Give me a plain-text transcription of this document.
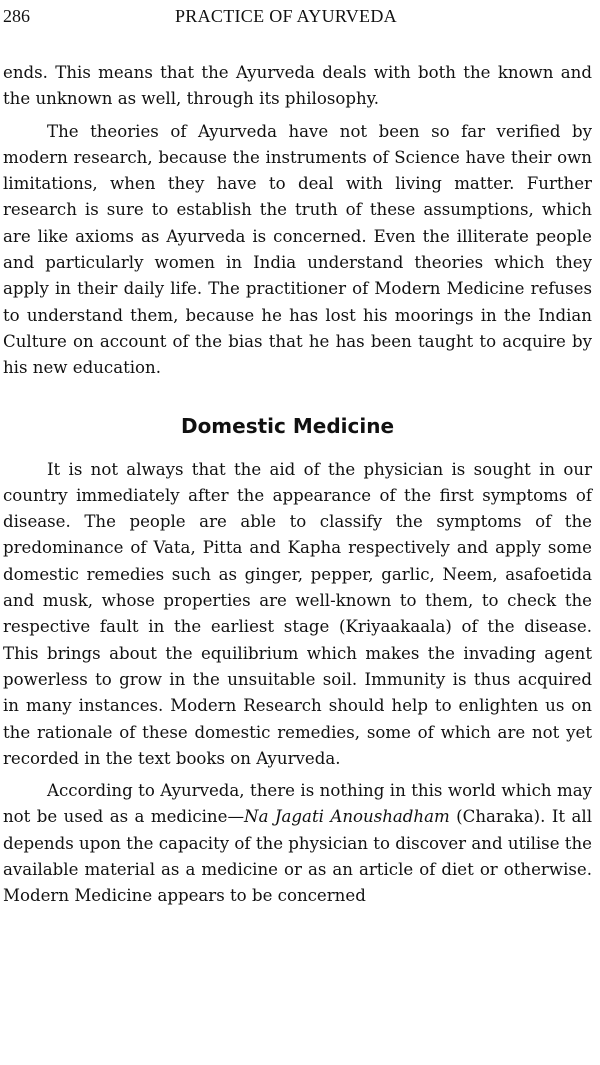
286	PRACTICE OF AYURVEDA

ends. This means that the Ayurveda deals with both the known and the unknown as well, through its philosophy.

The theories of Ayurveda have not been so far verified by modern research, because the instruments of Science have their own limitations, when they have to deal with living matter. Further research is sure to establish the truth of these assumptions, which are like axioms as Ayurveda is concerned. Even the illiterate people and particularly women in India understand theories which they apply in their daily life. The practitioner of Modern Medicine refuses to understand them, because he has lost his moorings in the Indian Culture on account of the bias that he has been taught to acquire by his new education.

Domestic Medicine

It is not always that the aid of the physician is sought in our country immediately after the appearance of the first symptoms of disease. The people are able to classify the symptoms of the predominance of Vata, Pitta and Kapha respectively and apply some domestic remedies such as ginger, pepper, garlic, Neem, asafoetida and musk, whose properties are well-known to them, to check the respective fault in the earliest stage (Kriyaakaala) of the disease. This brings about the equilibrium which makes the invading agent powerless to grow in the unsuitable soil. Immunity is thus acquired in many instances. Modern Research should help to enlighten us on the rationale of these domestic remedies, some of which are not yet recorded in the text books on Ayurveda.

According to Ayurveda, there is nothing in this world which may not be used as a medicine—Na Jagati Anoushadham (Charaka). It all depends upon the capacity of the physician to discover and utilise the available material as a medicine or as an article of diet or otherwise. Modern Medicine appears to be concerned
